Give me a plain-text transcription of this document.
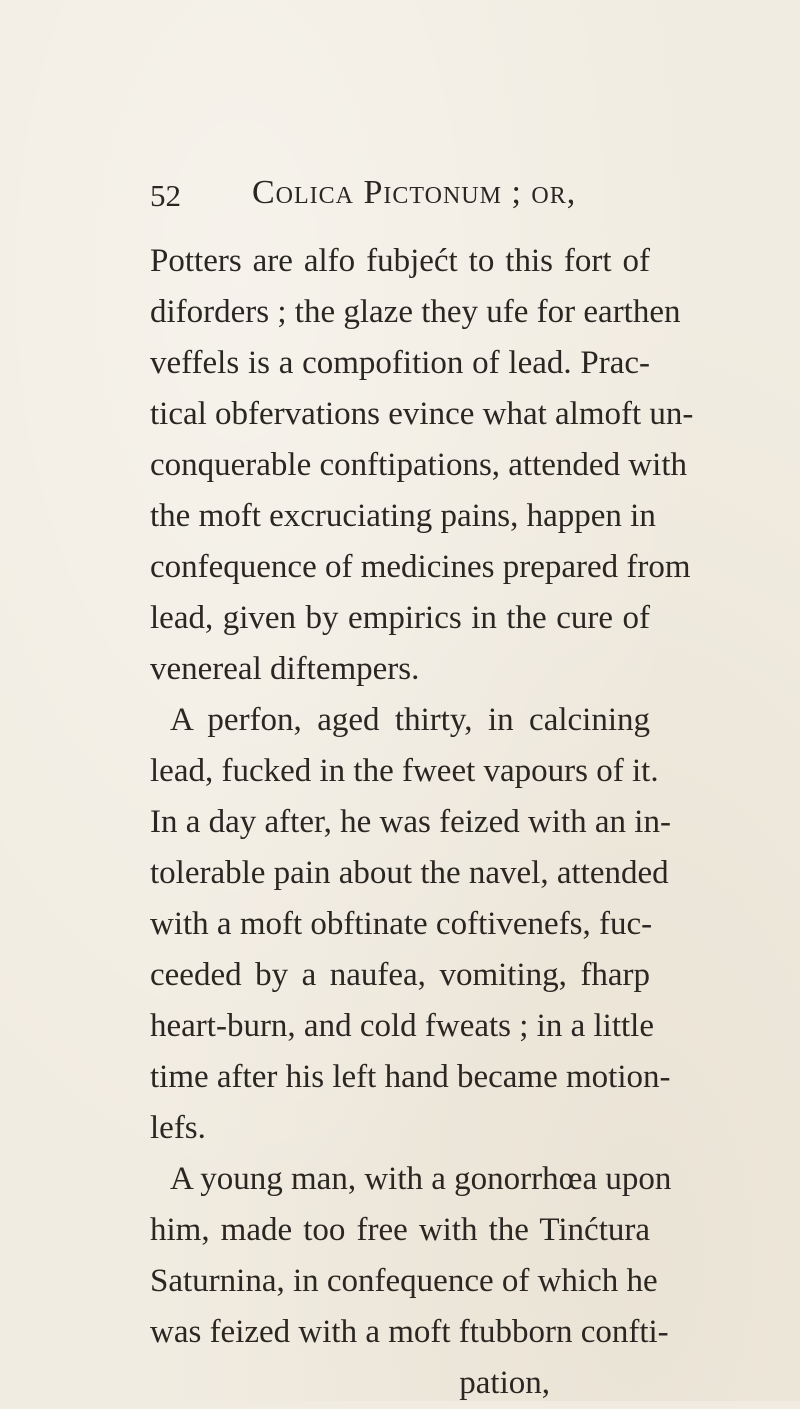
52 Colica Pictonum ; or,
Potters are alfo fubjećt to this fort of
diforders ; the glaze they ufe for earthen
veffels is a compofition of lead. Prac-
tical obfervations evince what almoft un-
conquerable conftipations, attended with
the moft excruciating pains, happen in
confequence of medicines prepared from
lead, given by empirics in the cure of
venereal diftempers.
A perfon, aged thirty, in calcining
lead, fucked in the fweet vapours of it.
In a day after, he was feized with an in-
tolerable pain about the navel, attended
with a moft obftinate coftivenefs, fuc-
ceeded by a naufea, vomiting, fharp
heart-burn, and cold fweats ; in a little
time after his left hand became motion-
lefs.
A young man, with a gonorrhœa upon
him, made too free with the Tinćtura
Saturnina, in confequence of which he
was feized with a moft ftubborn confti-
pation,
